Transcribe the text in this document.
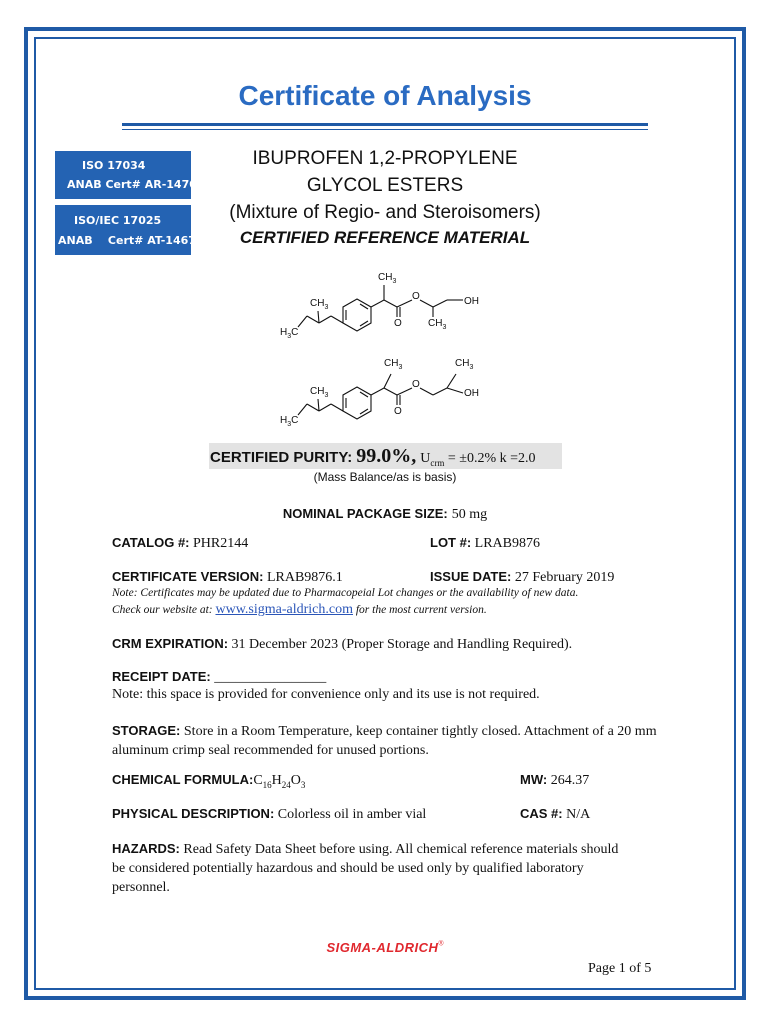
Certificate of Analysis
ISO 17034
ANAB Cert# AR-1470
ISO/IEC 17025
ANAB    Cert# AT-1467
IBUPROFEN 1,2-PROPYLENE
GLYCOL ESTERS
(Mixture of Regio- and Steroisomers)
CERTIFIED REFERENCE MATERIAL
$CH_3$
$CH_3$
$H_3C$
O
O	$CH_3$
OH
$CH_3$	$CH_3$
$CH_3$
$H_3C$
O
O
OH
CERTIFIED PURITY: 99.0%, $U_{crm} = \pm 0.2\%$ k =2.0
(Mass Balance/as is basis)
NOMINAL PACKAGE SIZE: 50 mg
CATALOG #: PHR2144	LOT #: LRAB9876
CERTIFICATE VERSION: LRAB9876.1	ISSUE DATE: 27 February 2019
Note: Certificates may be updated due to Pharmacopeial Lot changes or the availability of new data.
Check our website at: www.sigma-aldrich.com for the most current version.
CRM EXPIRATION: 31 December 2023 (Proper Storage and Handling Required).
RECEIPT DATE: ________________
Note: this space is provided for convenience only and its use is not required.
STORAGE: Store in a Room Temperature, keep container tightly closed. Attachment of a 20 mm aluminum crimp seal recommended for unused portions.
CHEMICAL $FORMULA:C_{16}H_{24}O_3$	MW: 264.37
PHYSICAL DESCRIPTION: Colorless oil in amber vial	CAS #: N/A
HAZARDS: Read Safety Data Sheet before using. All chemical reference materials should be considered potentially hazardous and should be used only by qualified laboratory personnel.
SIGMA-ALDRICH®
Page 1 of 5
